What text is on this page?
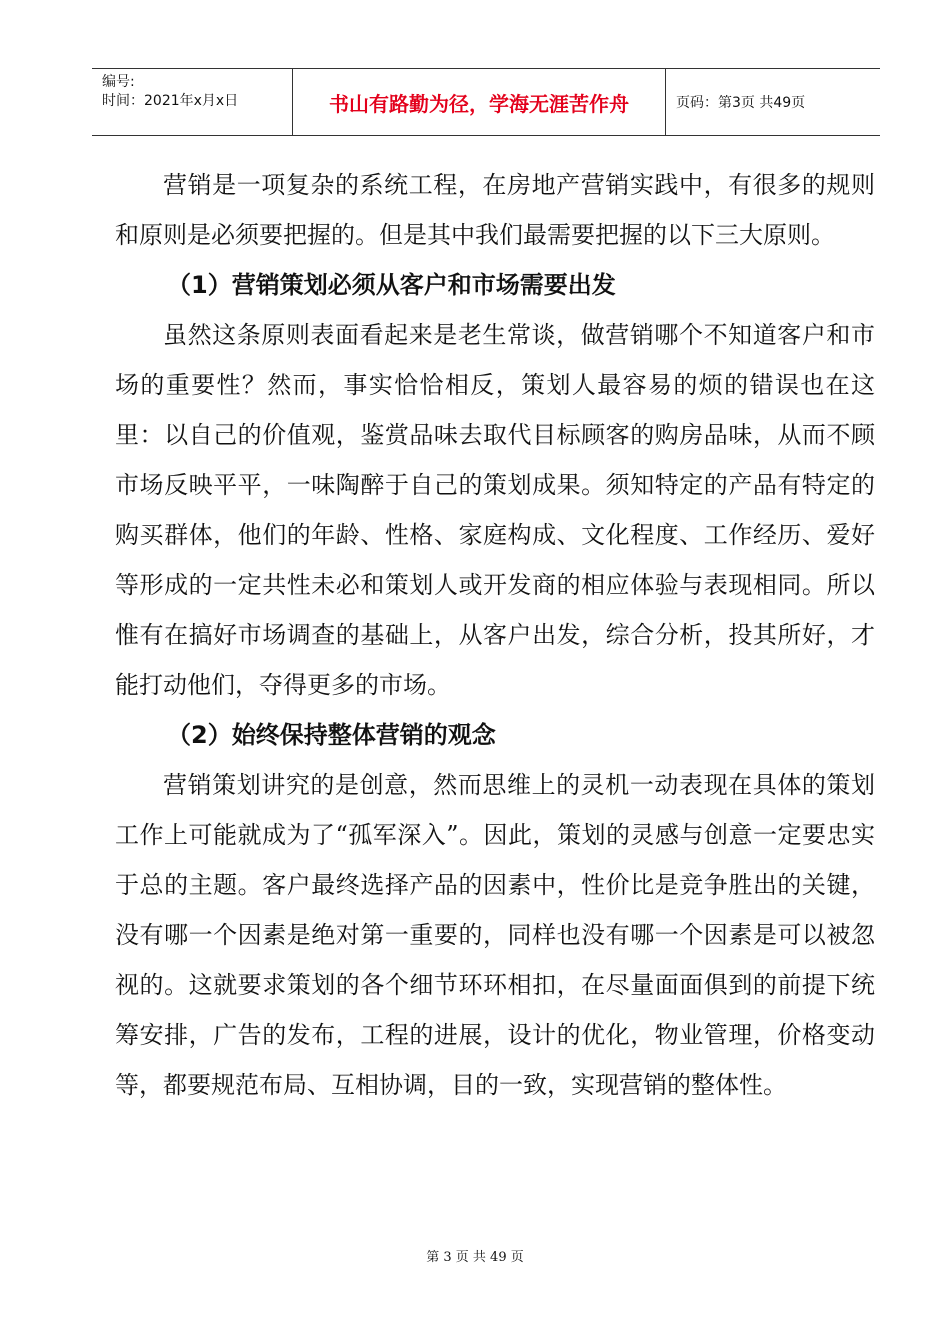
编号:
时间：2021年x月x日	书山有路勤为径，学海无涯苦作舟	页码：第3页 共49页

营销是一项复杂的系统工程，在房地产营销实践中，有很多的规则和原则是必须要把握的。但是其中我们最需要把握的以下三大原则。

（1）营销策划必须从客户和市场需要出发

虽然这条原则表面看起来是老生常谈，做营销哪个不知道客户和市场的重要性？然而，事实恰恰相反，策划人最容易的烦的错误也在这里：以自己的价值观，鉴赏品味去取代目标顾客的购房品味，从而不顾市场反映平平，一味陶醉于自己的策划成果。须知特定的产品有特定的购买群体，他们的年龄、性格、家庭构成、文化程度、工作经历、爱好等形成的一定共性未必和策划人或开发商的相应体验与表现相同。所以惟有在搞好市场调查的基础上，从客户出发，综合分析，投其所好，才能打动他们，夺得更多的市场。

（2）始终保持整体营销的观念

营销策划讲究的是创意，然而思维上的灵机一动表现在具体的策划工作上可能就成为了“孤军深入”。因此，策划的灵感与创意一定要忠实于总的主题。客户最终选择产品的因素中，性价比是竞争胜出的关键，没有哪一个因素是绝对第一重要的，同样也没有哪一个因素是可以被忽视的。这就要求策划的各个细节环环相扣，在尽量面面俱到的前提下统筹安排，广告的发布，工程的进展，设计的优化，物业管理，价格变动等，都要规范布局、互相协调，目的一致，实现营销的整体性。

第 3 页 共 49 页
